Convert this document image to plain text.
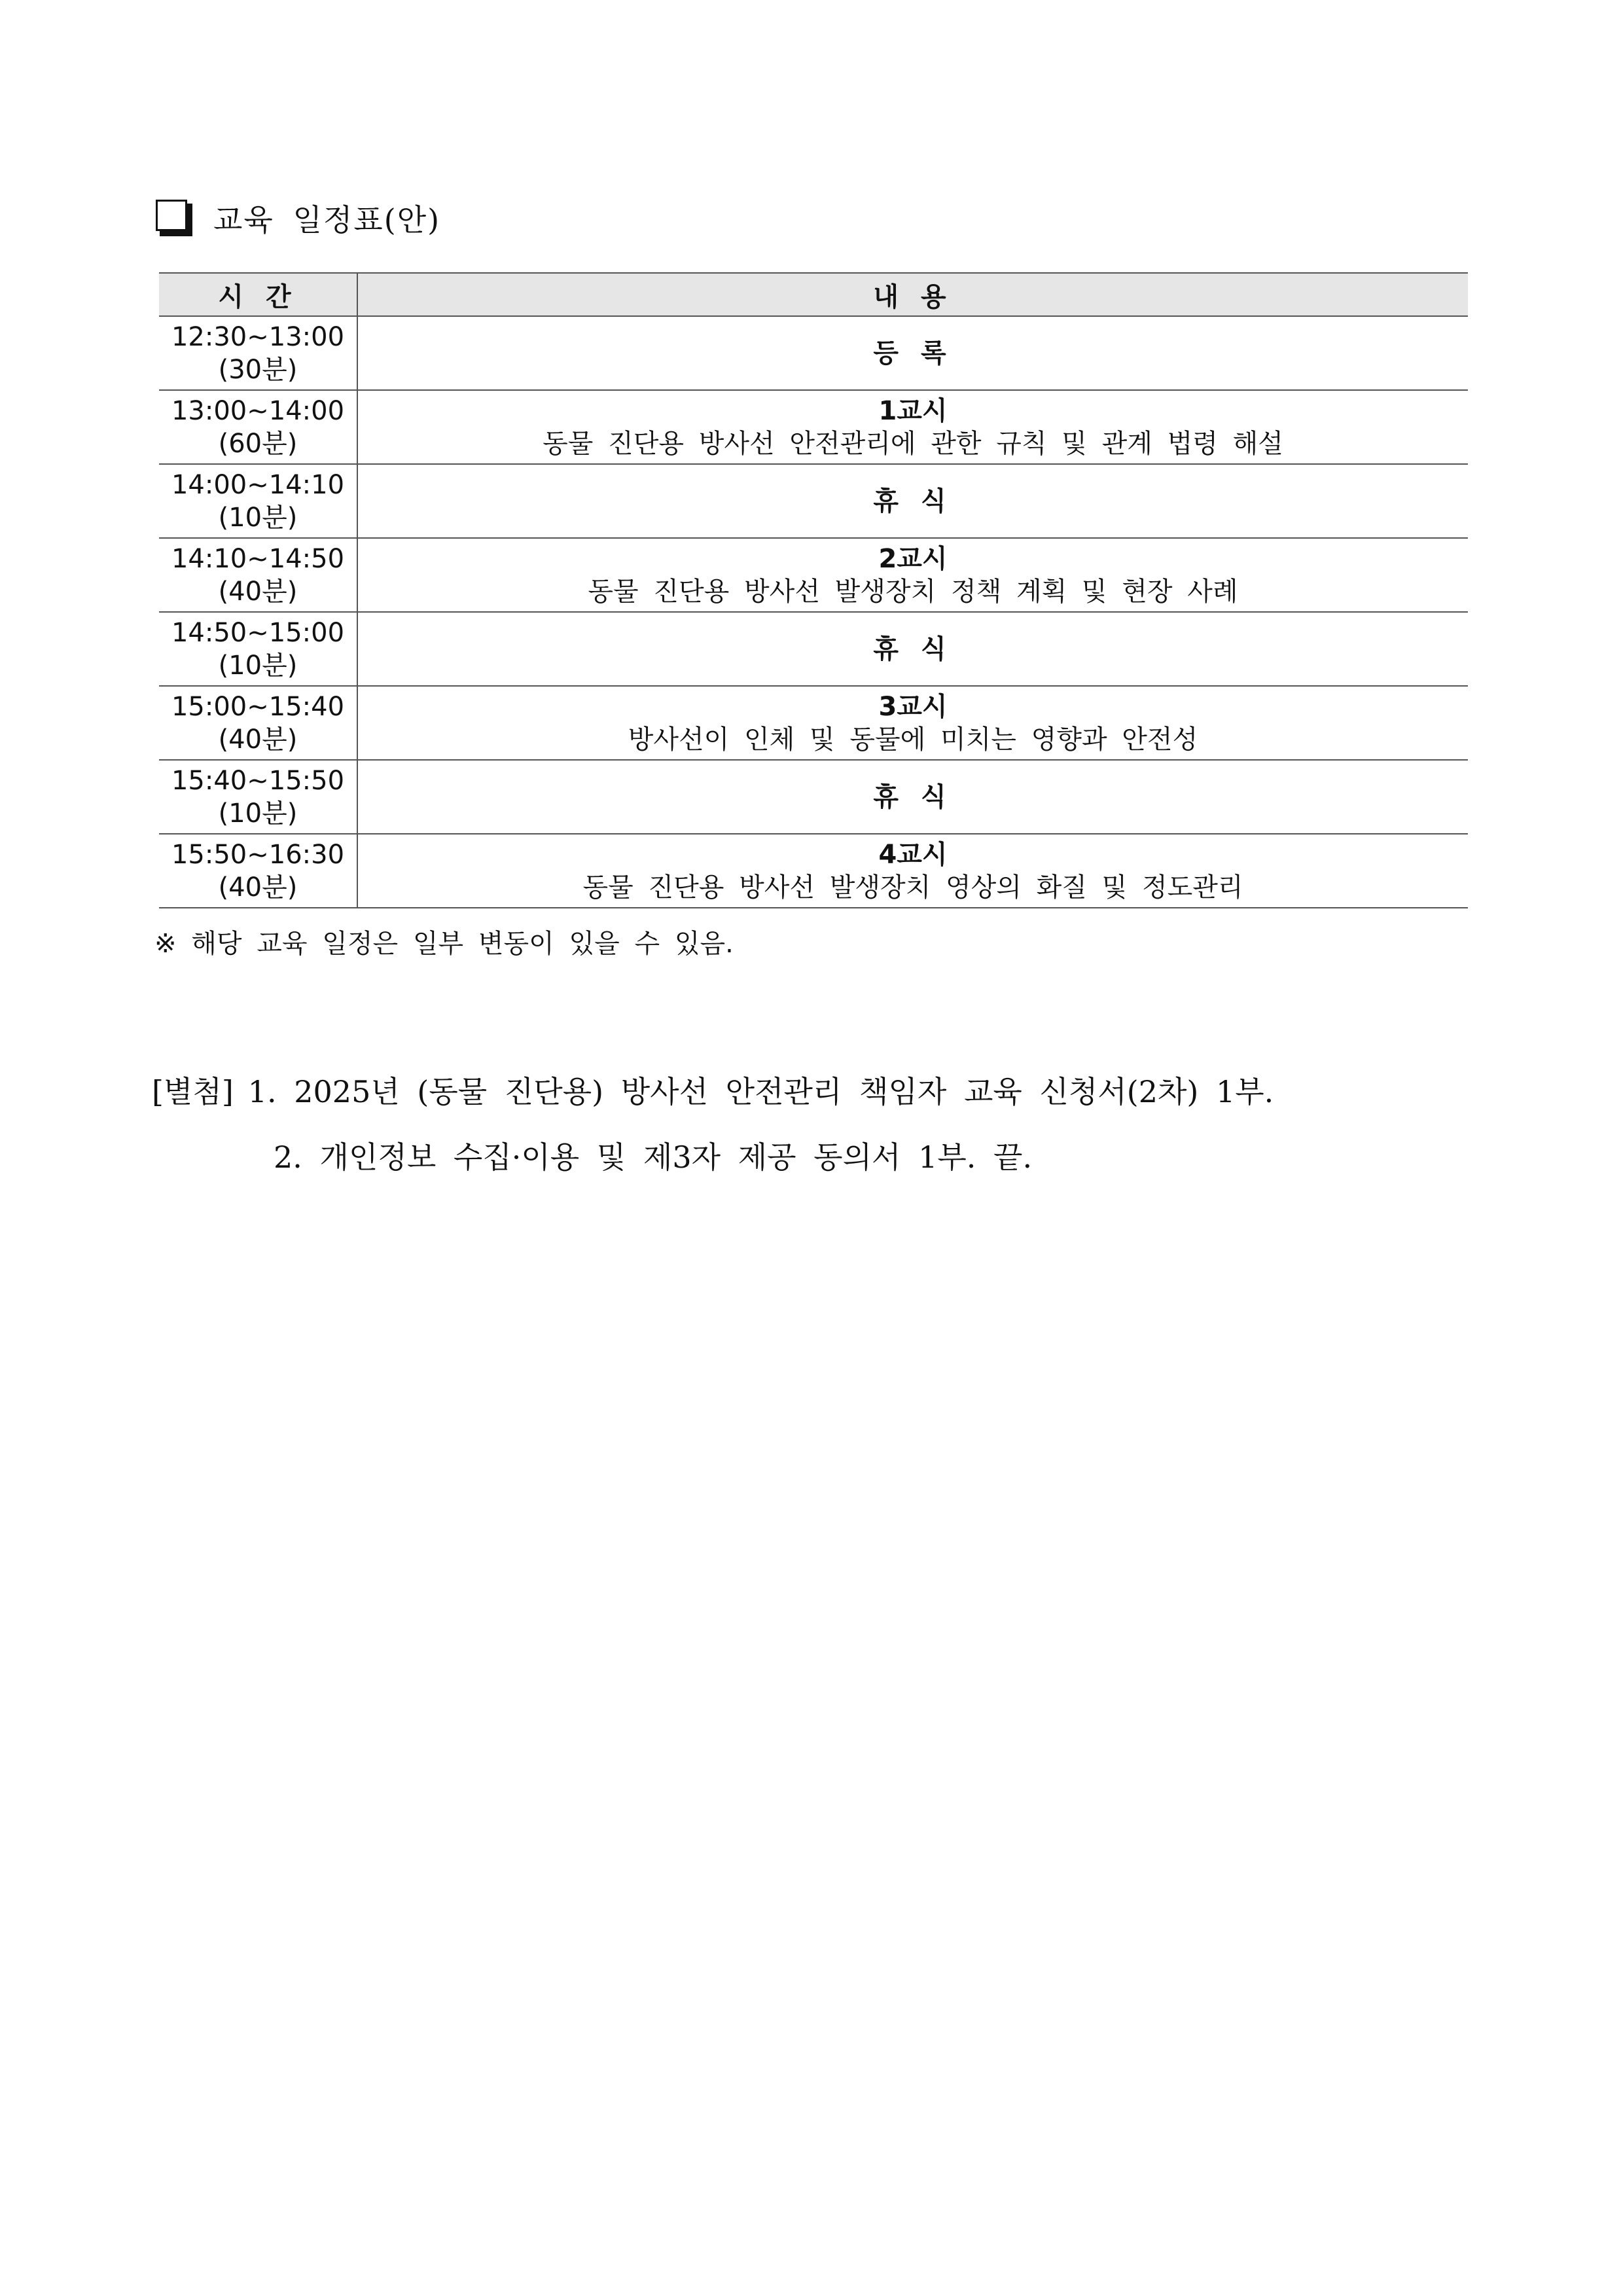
교육 일정표(안)
시 간	내 용

12:30~13:00
(30분)	등 록

13:00~14:00
(60분)	1교시
동물 진단용 방사선 안전관리에 관한 규칙 및 관계 법령 해설

14:00~14:10
(10분)	휴 식

14:10~14:50
(40분)	2교시
동물 진단용 방사선 발생장치 정책 계획 및 현장 사례

14:50~15:00
(10분)	휴 식

15:00~15:40
(40분)	3교시
방사선이 인체 및 동물에 미치는 영향과 안전성

15:40~15:50
(10분)	휴 식

15:50~16:30
(40분)	4교시
동물 진단용 방사선 발생장치 영상의 화질 및 정도관리
※ 해당 교육 일정은 일부 변동이 있을 수 있음.
[별첨] 1. 2025년 (동물 진단용) 방사선 안전관리 책임자 교육 신청서(2차) 1부.
2. 개인정보 수집·이용 및 제3자 제공 동의서 1부. 끝.
